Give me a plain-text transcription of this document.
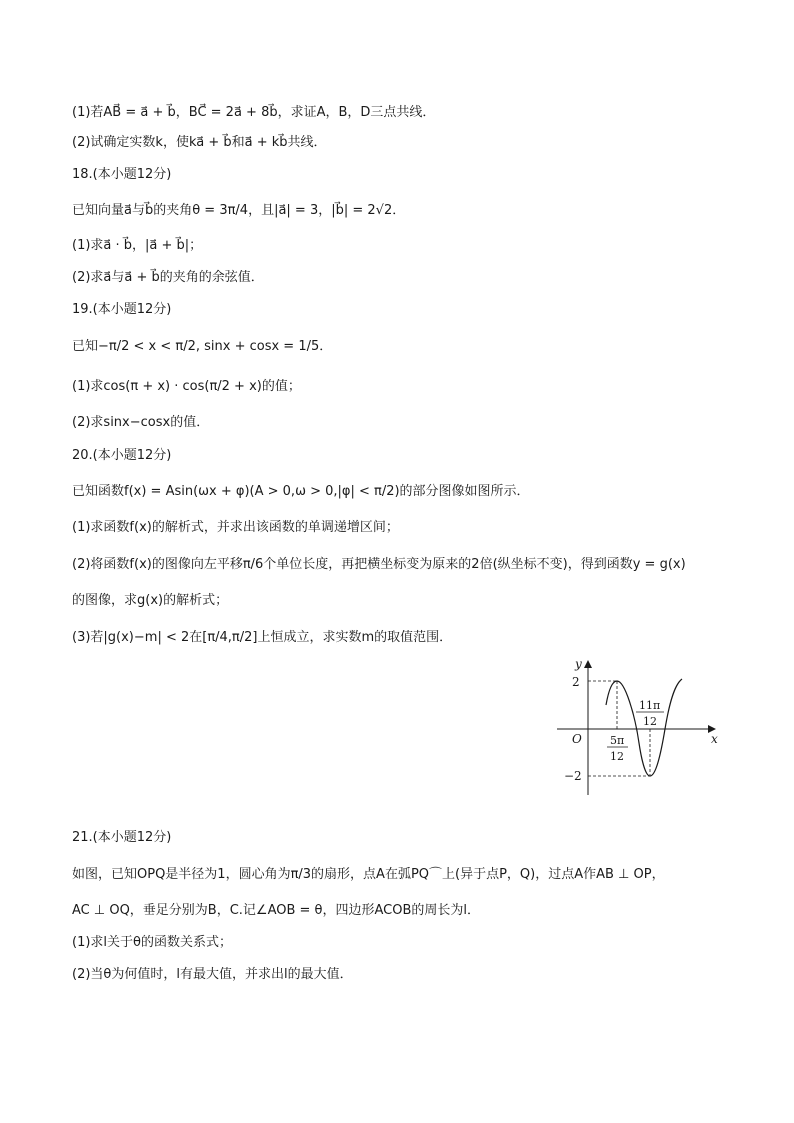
(1)若AB⃗ = a⃗ + b⃗，BC⃗ = 2a⃗ + 8b⃗，求证A，B，D三点共线．
(2)试确定实数k，使ka⃗ + b⃗和a⃗ + kb⃗共线．
18.(本小题12分)
已知向量a⃗与b⃗的夹角θ = 3π/4，且|a⃗| = 3，|b⃗| = 2√2．
(1)求a⃗ · b⃗，|a⃗ + b⃗|；
(2)求a⃗与a⃗ + b⃗的夹角的余弦值．
19.(本小题12分)
已知−π/2 < x < π/2, sinx + cosx = 1/5．
(1)求cos(π + x) · cos(π/2 + x)的值；
(2)求sinx−cosx的值．
20.(本小题12分)
已知函数f(x) = Asin(ωx + φ)(A > 0,ω > 0,|φ| < π/2)的部分图像如图所示．
(1)求函数f(x)的解析式，并求出该函数的单调递增区间；
(2)将函数f(x)的图像向左平移π/6个单位长度，再把横坐标变为原来的2倍(纵坐标不变)，得到函数y = g(x)
的图像，求g(x)的解析式；
(3)若|g(x)−m| < 2在[π/4,π/2]上恒成立，求实数m的取值范围．
y
x
O
2
−2
5π
12
11π
12
21.(本小题12分)
如图，已知OPQ是半径为1，圆心角为π/3的扇形，点A在弧PQ⌒上(异于点P，Q)，过点A作AB ⊥ OP，
AC ⊥ OQ，垂足分别为B，C.记∠AOB = θ，四边形ACOB的周长为l．
(1)求l关于θ的函数关系式；
(2)当θ为何值时，l有最大值，并求出l的最大值．
